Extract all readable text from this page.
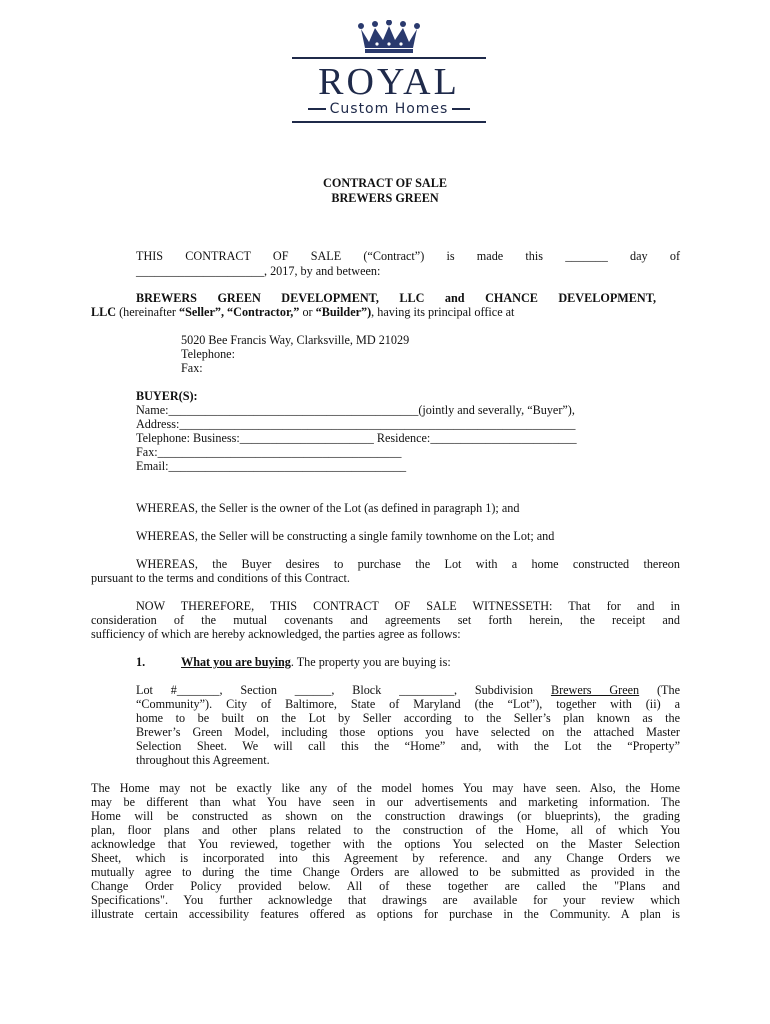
ROYAL
Custom Homes
CONTRACT OF SALE
BREWERS GREEN
THIS CONTRACT OF SALE (“Contract”) is made this _______ day of
_____________________, 2017, by and between:
BREWERS GREEN DEVELOPMENT, LLC and CHANCE DEVELOPMENT,
LLC (hereinafter “Seller”, “Contractor,” or “Builder”), having its principal office at
5020 Bee Francis Way, Clarksville, MD 21029
Telephone:
Fax:
BUYER(S):
Name:_________________________________________(jointly and severally, “Buyer”),
Address:_________________________________________________________________
Telephone: Business:______________________ Residence:________________________
Fax:________________________________________
Email:_______________________________________
WHEREAS, the Seller is the owner of the Lot (as defined in paragraph 1); and
WHEREAS, the Seller will be constructing a single family townhome on the Lot; and
WHEREAS, the Buyer desires to purchase the Lot with a home constructed thereon
pursuant to the terms and conditions of this Contract.
NOW THEREFORE, THIS CONTRACT OF SALE WITNESSETH: That for and in
consideration of the mutual covenants and agreements set forth herein, the receipt and
sufficiency of which are hereby acknowledged, the parties agree as follows:
1.	What you are buying. The property you are buying is:
Lot #_______, Section ______, Block _________, Subdivision Brewers Green (The
“Community”). City of Baltimore, State of Maryland (the “Lot”), together with (ii) a
home to be built on the Lot by Seller according to the Seller’s plan known as the
Brewer’s Green Model, including those options you have selected on the attached Master
Selection Sheet. We will call this the “Home” and, with the Lot the “Property”
throughout this Agreement.
The Home may not be exactly like any of the model homes You may have seen. Also, the Home
may be different than what You have seen in our advertisements and marketing information. The
Home will be constructed as shown on the construction drawings (or blueprints), the grading
plan, floor plans and other plans related to the construction of the Home, all of which You
acknowledge that You reviewed, together with the options You selected on the Master Selection
Sheet, which is incorporated into this Agreement by reference. and any Change Orders we
mutually agree to during the time Change Orders are allowed to be submitted as provided in the
Change Order Policy provided below. All of these together are called the "Plans and
Specifications". You further acknowledge that drawings are available for your review which
illustrate certain accessibility features offered as options for purchase in the Community. A plan is
